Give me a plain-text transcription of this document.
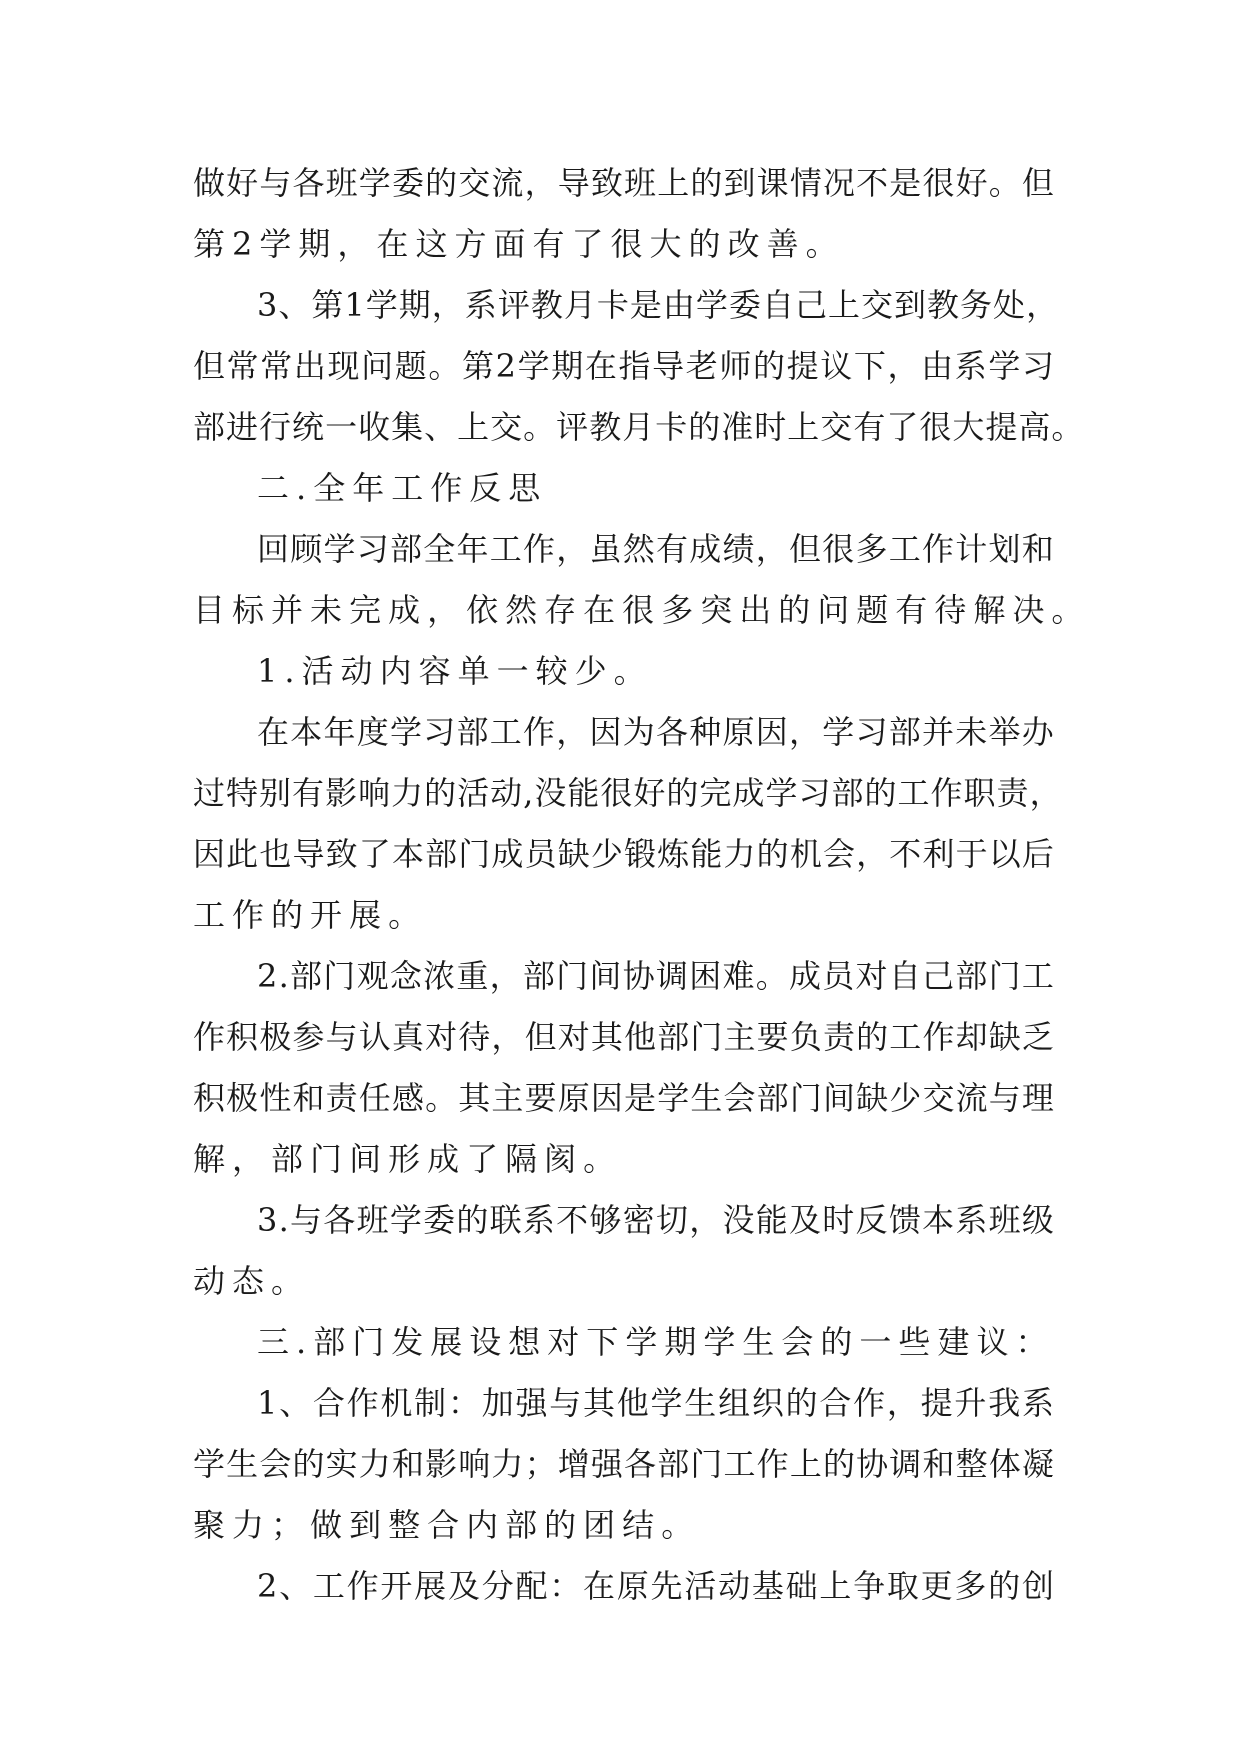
做 好 与 各 班 学 委 的 交 流 ， 导 致 班 上 的 到 课 情 况 不 是 很 好 。 但
第 2 学 期 ， 在 这 方 面 有 了 很 大 的 改 善 。
3 、 第 1 学 期 ， 系 评 教 月 卡 是 由 学 委 自 己 上 交 到 教 务 处 ，
但 常 常 出 现 问 题 。 第 2 学 期 在 指 导 老 师 的 提 议 下 ， 由 系 学 习
部 进 行 统 一 收 集 、 上 交 。 评 教 月 卡 的 准 时 上 交 有 了 很 大 提 高 。
二 . 全 年 工 作 反 思
回 顾 学 习 部 全 年 工 作 ， 虽 然 有 成 绩 ， 但 很 多 工 作 计 划 和
目 标 并 未 完 成 ， 依 然 存 在 很 多 突 出 的 问 题 有 待 解 决 。
1 . 活 动 内 容 单 一 较 少 。
在 本 年 度 学 习 部 工 作 ， 因 为 各 种 原 因 ， 学 习 部 并 未 举 办
过 特 别 有 影 响 力 的 活 动 , 没 能 很 好 的 完 成 学 习 部 的 工 作 职 责 ，
因 此 也 导 致 了 本 部 门 成 员 缺 少 锻 炼 能 力 的 机 会 ， 不 利 于 以 后
工 作 的 开 展 。
2 . 部 门 观 念 浓 重 ， 部 门 间 协 调 困 难 。 成 员 对 自 己 部 门 工
作 积 极 参 与 认 真 对 待 ， 但 对 其 他 部 门 主 要 负 责 的 工 作 却 缺 乏
积 极 性 和 责 任 感 。 其 主 要 原 因 是 学 生 会 部 门 间 缺 少 交 流 与 理
解 ， 部 门 间 形 成 了 隔 阂 。
3 . 与 各 班 学 委 的 联 系 不 够 密 切 ， 没 能 及 时 反 馈 本 系 班 级
动 态 。
三 . 部 门 发 展 设 想 对 下 学 期 学 生 会 的 一 些 建 议 ：
1 、 合 作 机 制 ： 加 强 与 其 他 学 生 组 织 的 合 作 ， 提 升 我 系
学 生 会 的 实 力 和 影 响 力 ； 增 强 各 部 门 工 作 上 的 协 调 和 整 体 凝
聚 力 ； 做 到 整 合 内 部 的 团 结 。
2 、 工 作 开 展 及 分 配 ： 在 原 先 活 动 基 础 上 争 取 更 多 的 创
